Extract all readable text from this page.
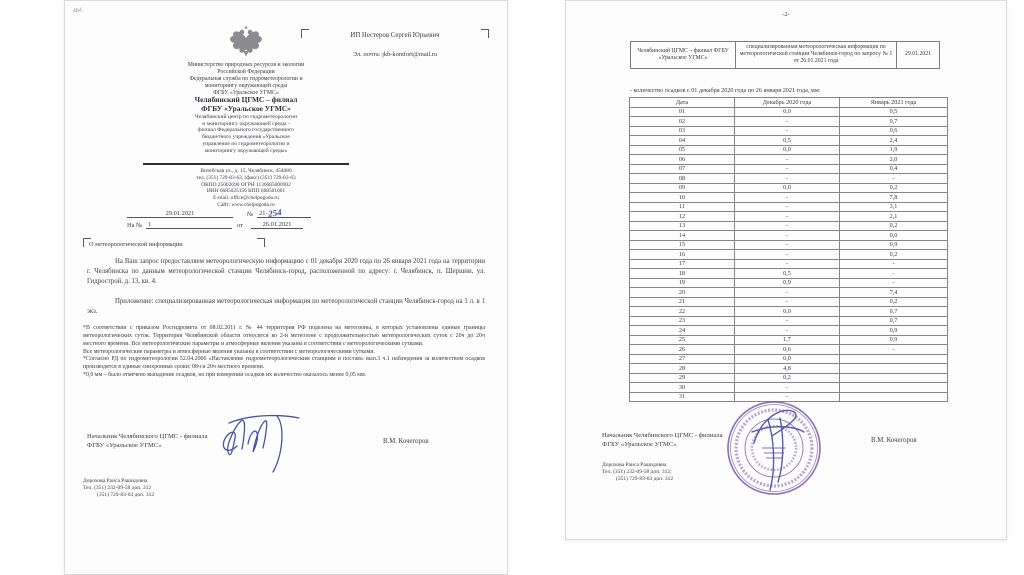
464
Министерство природных ресурсов и экологии
Российской Федерации
Федеральная служба по гидрометеорологии и
мониторингу окружающей среды
ФГБУ «Уральское УГМС»
Челябинский ЦГМС – филиал
ФГБУ «Уральское УГМС»
Челябинский центр по гидрометеорологии
и мониторингу окружающей среды -
филиал Федерального государственного
бюджетного учреждения «Уральское
управление по гидрометеорологии и
мониторингу окружающей среды»
Витебская ул., д. 15, Челябинск, 454080
тел. (351) 729-83-63, (факс) (351) 729-83-63
ОКПО 25002690 ОГРН 1136685000902
ИНН 6685025156 КПП 668501001
E-mail: office@chelpogoda.ru
Сайт: www.chelpogoda.ru
29.01.2021	№ 21-254
На № 1	от	26.01.2021
ИП Нестеров Сергей Юрьевич
Эл. почта: jkb-komfort@mail.ru
О метеорологической информации

На Ваш запрос предоставляем метеорологическую информацию с 01 декабря 2020 года по 26 января 2021 года на территории г. Челябинска по данным метеорологической станции Челябинск-город, расположенной по адресу: г. Челябинск, п. Шершни, ул. Гидрострой, д. 13, кв. 4.

Приложение: специализированная метеорологическая информация по метеорологической станции Челябинск-город на 1 л. в 1 экз.

*В соответствии с приказом Росгидромета от 08.02.2011 г. № 44 территория РФ поделена на метеозоны, в которых установлены единые границы метеорологических суток. Территория Челябинской области относится ко 2-й метеозоне с продолжительностью метеорологических суток с 20ч до 20ч местного времени. Все метеорологические параметры и атмосферные явления указаны в соответствии с метеорологическими сутками.
Все метеорологические параметры и атмосферные явления указаны в соответствии с метеорологическими сутками.
*Согласно РД по гидрометеорологии 52.04.2006 «Наставление гидрометеорологическим станциям и постам» вып.3 ч.1 наблюдения за количеством осадков производятся в единые синхронные сроки: 08ч и 20ч местного времени.
*0,0 мм – было отмечено выпадение осадков, но при измерении осадков их количество оказалось менее 0,05 мм.
Начальник Челябинского ЦГМС - филиала
ФГБУ «Уральское УГМС»
В.М. Кочегоров
Дорохова Раиса Рашидовна
Тел. (351) 232-09-58 доп. 312
(351) 729-83-63 доп. 312
-2-
Челябинский ЦГМС – филиал ФГБУ «Уральское УГМС»	специализированная метеорологическая информация по метеорологической станции Челябинск-город по запросу № 1 от 26.01.2021 года	29.01.2021
- количество осадков с 01 декабря 2020 года по 26 января 2021 года, мм:
Дата	Декабрь 2020 года	Январь 2021 года
01	0,0	0,5
02	-	0,7
03	-	0,6
04	0,5	2,4
05	0,0	1,9
06	-	2,0
07	-	0,4
08	-	-
09	0,0	0,2
10	-	7,8
11	-	3,1
12	-	2,1
13	-	0,2
14	-	0,0
15	-	0,9
16	-	0,2
17	-	-
18	0,5	-
19	0,9	-
20	-	7,4
21	-	0,2
22	0,0	0,7
23	-	0,7
24	-	0,9
25	1,7	0,9
26	0,6	-
27	0,0	
28	4,8	
29	0,2	
30	-	
31	-	
Начальник Челябинского ЦГМС - филиала
ФГБУ «Уральское УГМС»
В.М. Кочегоров
Дорохова Раиса Рашидовна
Тел. (351) 232-09-58 доп. 312;
(351) 729-83-63 доп. 312
